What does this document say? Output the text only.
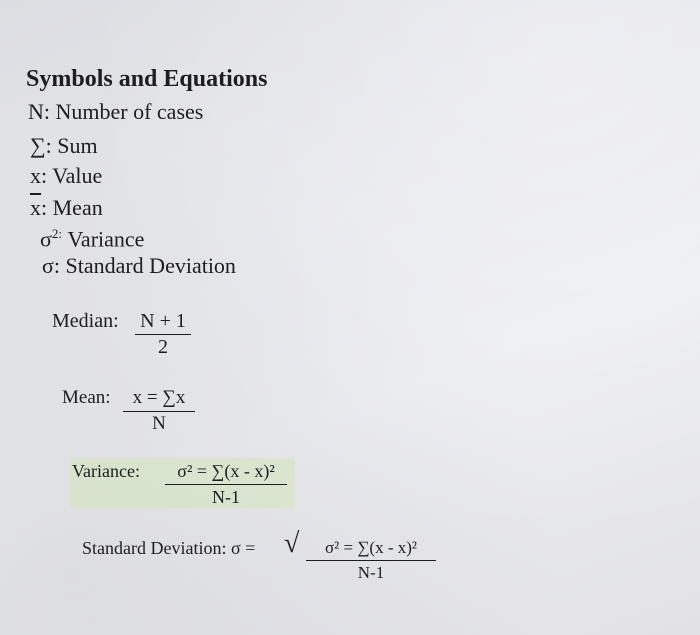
Symbols and Equations
N: Number of cases
∑: Sum
x: Value
$\overline{x}$: Mean
$\sigma^{2:}$ Variance
σ: Standard Deviation
Median: $\frac{N + 1}{2}$
Mean: $\frac{x = \sum x}{N}$
Variance: $\frac{\text{σ² = ∑(x - x)²}}{N-1}$
Standard Deviation: σ = √ $\frac{\text{σ² = ∑(x - x)²}}{N-1}$
